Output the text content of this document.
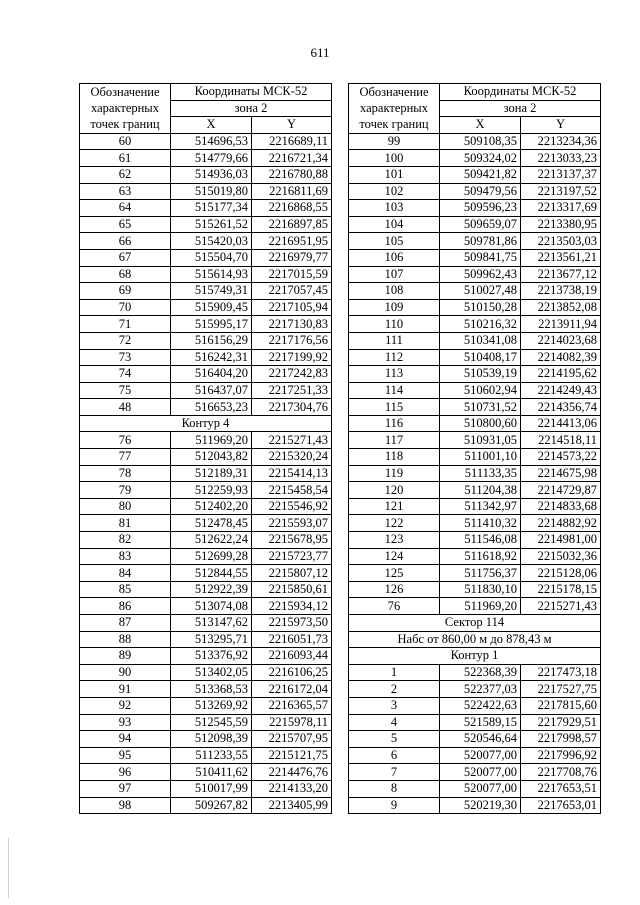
611
Обозначение характерных точек границ	Координаты МСК-52	
	зона 2	
	X	Y
60	514696,53	2216689,11
61	514779,66	2216721,34
62	514936,03	2216780,88
63	515019,80	2216811,69
64	515177,34	2216868,55
65	515261,52	2216897,85
66	515420,03	2216951,95
67	515504,70	2216979,77
68	515614,93	2217015,59
69	515749,31	2217057,45
70	515909,45	2217105,94
71	515995,17	2217130,83
72	516156,29	2217176,56
73	516242,31	2217199,92
74	516404,20	2217242,83
75	516437,07	2217251,33
48	516653,23	2217304,76
Контур 4		
76	511969,20	2215271,43
77	512043,82	2215320,24
78	512189,31	2215414,13
79	512259,93	2215458,54
80	512402,20	2215546,92
81	512478,45	2215593,07
82	512622,24	2215678,95
83	512699,28	2215723,77
84	512844,55	2215807,12
85	512922,39	2215850,61
86	513074,08	2215934,12
87	513147,62	2215973,50
88	513295,71	2216051,73
89	513376,92	2216093,44
90	513402,05	2216106,25
91	513368,53	2216172,04
92	513269,92	2216365,57
93	512545,59	2215978,11
94	512098,39	2215707,95
95	511233,55	2215121,75
96	510411,62	2214476,76
97	510017,99	2214133,20
98	509267,82	2213405,99
Обозначение характерных точек границ	Координаты МСК-52	
	зона 2	
	X	Y
99	509108,35	2213234,36
100	509324,02	2213033,23
101	509421,82	2213137,37
102	509479,56	2213197,52
103	509596,23	2213317,69
104	509659,07	2213380,95
105	509781,86	2213503,03
106	509841,75	2213561,21
107	509962,43	2213677,12
108	510027,48	2213738,19
109	510150,28	2213852,08
110	510216,32	2213911,94
111	510341,08	2214023,68
112	510408,17	2214082,39
113	510539,19	2214195,62
114	510602,94	2214249,43
115	510731,52	2214356,74
116	510800,60	2214413,06
117	510931,05	2214518,11
118	511001,10	2214573,22
119	511133,35	2214675,98
120	511204,38	2214729,87
121	511342,97	2214833,68
122	511410,32	2214882,92
123	511546,08	2214981,00
124	511618,92	2215032,36
125	511756,37	2215128,06
126	511830,10	2215178,15
76	511969,20	2215271,43
Сектор 114		
Набс от 860,00 м до 878,43 м		
Контур 1		
1	522368,39	2217473,18
2	522377,03	2217527,75
3	522422,63	2217815,60
4	521589,15	2217929,51
5	520546,64	2217998,57
6	520077,00	2217996,92
7	520077,00	2217708,76
8	520077,00	2217653,51
9	520219,30	2217653,01
